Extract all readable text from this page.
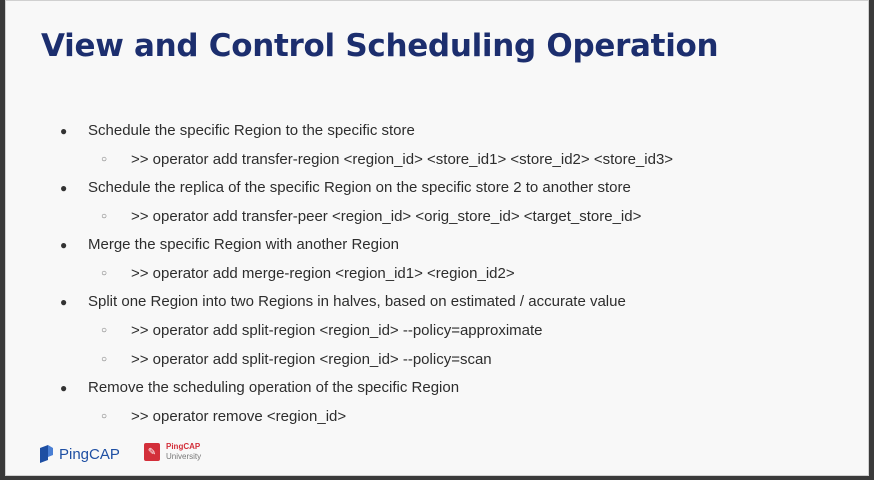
View and Control Scheduling Operation
● Schedule the specific Region to the specific store
○ >> operator add transfer-region <region_id> <store_id1> <store_id2> <store_id3>
● Schedule the replica of the specific Region on the specific store 2 to another store
○ >> operator add transfer-peer <region_id> <orig_store_id> <target_store_id>
● Merge the specific Region with another Region
○ >> operator add merge-region <region_id1> <region_id2>
● Split one Region into two Regions in halves, based on estimated / accurate value
○ >> operator add split-region <region_id> --policy=approximate
○ >> operator add split-region <region_id> --policy=scan
● Remove the scheduling operation of the specific Region
○ >> operator remove <region_id>
PingCAP	✎	PingCAP
University
